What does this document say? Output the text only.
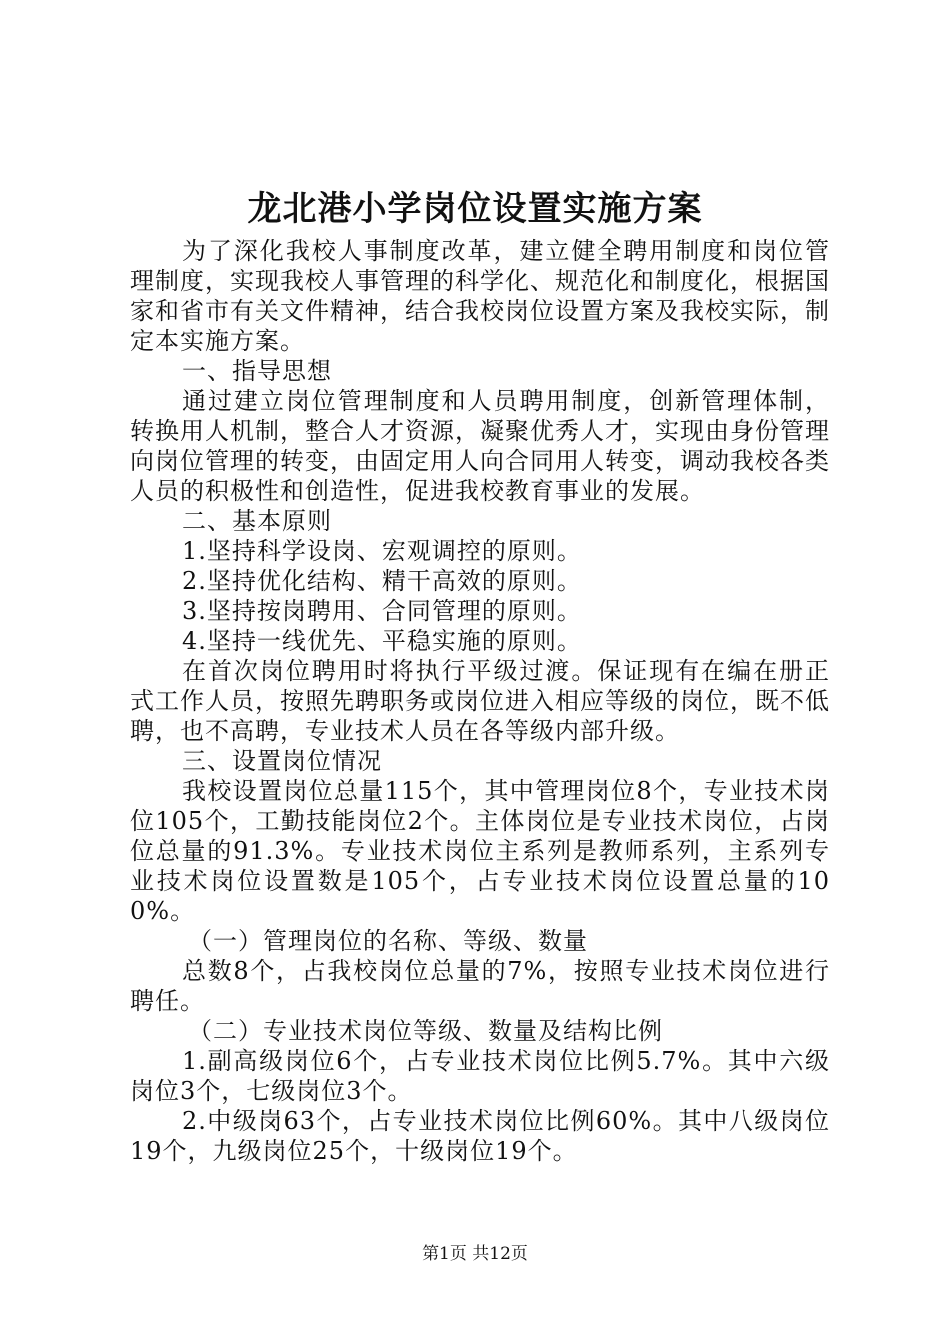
龙北港小学岗位设置实施方案

为了深化我校人事制度改革，建立健全聘用制度和岗位管理制度，实现我校人事管理的科学化、规范化和制度化，根据国家和省市有关文件精神，结合我校岗位设置方案及我校实际，制定本实施方案。

一、指导思想

通过建立岗位管理制度和人员聘用制度，创新管理体制，转换用人机制，整合人才资源，凝聚优秀人才，实现由身份管理向岗位管理的转变，由固定用人向合同用人转变，调动我校各类人员的积极性和创造性，促进我校教育事业的发展。

二、基本原则

1.坚持科学设岗、宏观调控的原则。

2.坚持优化结构、精干高效的原则。

3.坚持按岗聘用、合同管理的原则。

4.坚持一线优先、平稳实施的原则。

在首次岗位聘用时将执行平级过渡。保证现有在编在册正式工作人员，按照先聘职务或岗位进入相应等级的岗位，既不低聘，也不高聘，专业技术人员在各等级内部升级。

三、设置岗位情况

我校设置岗位总量115个，其中管理岗位8个，专业技术岗位105个，工勤技能岗位2个。主体岗位是专业技术岗位，占岗位总量的91.3%。专业技术岗位主系列是教师系列，主系列专业技术岗位设置数是105个，占专业技术岗位设置总量的100%。

（一）管理岗位的名称、等级、数量

总数8个，占我校岗位总量的7%，按照专业技术岗位进行聘任。

（二）专业技术岗位等级、数量及结构比例

1.副高级岗位6个，占专业技术岗位比例5.7%。其中六级岗位3个，七级岗位3个。

2.中级岗63个，占专业技术岗位比例60%。其中八级岗位19个，九级岗位25个，十级岗位19个。

第1页 共12页
